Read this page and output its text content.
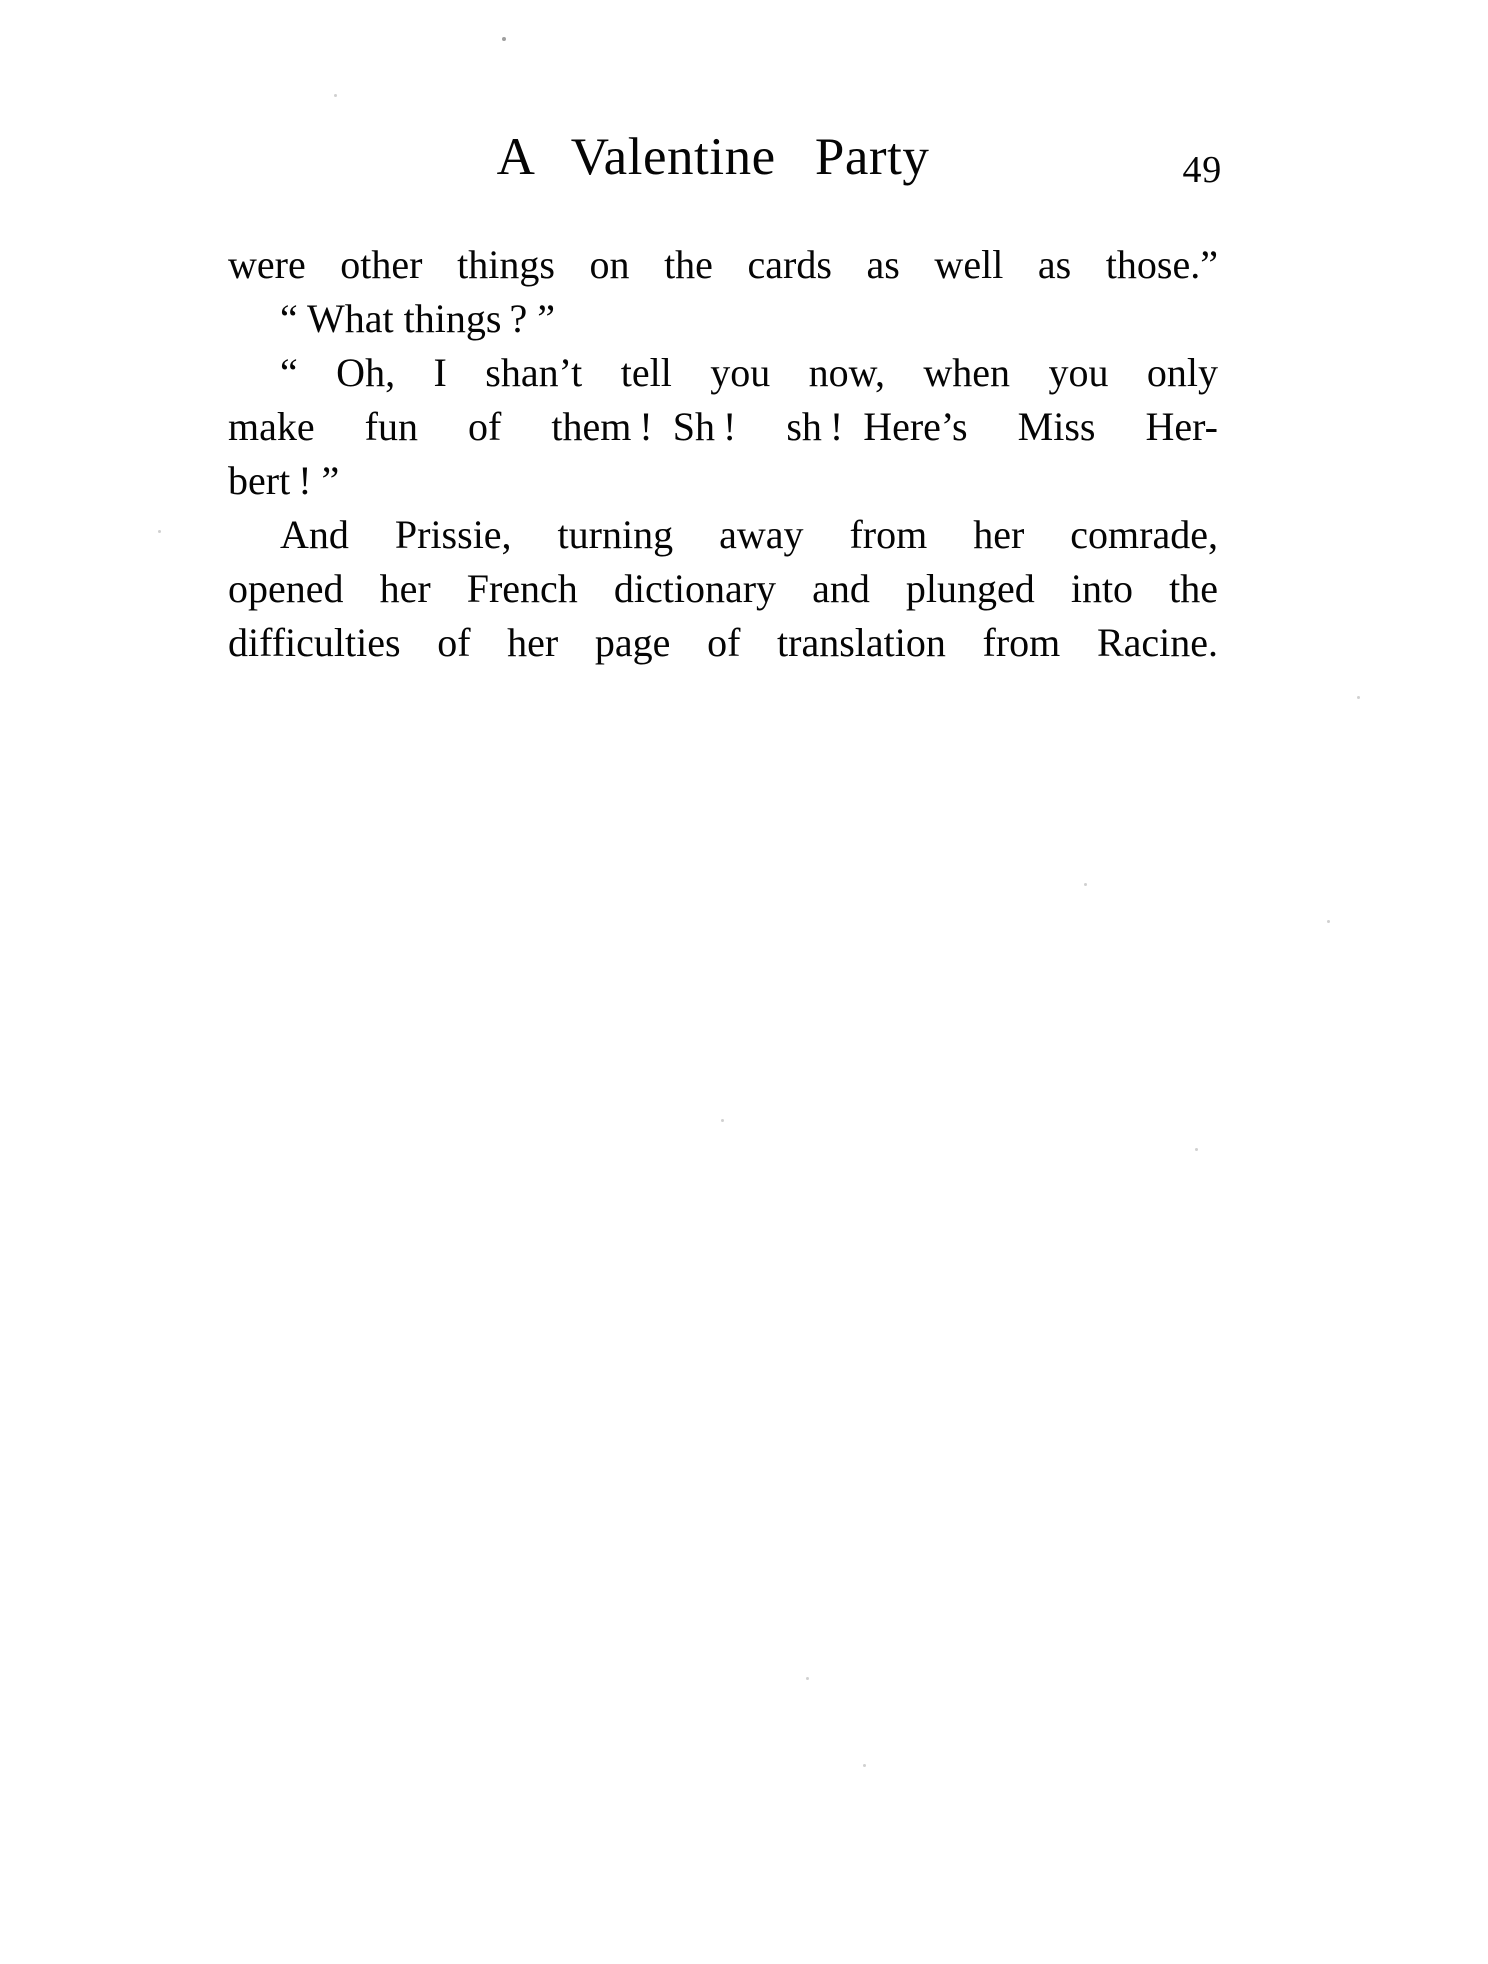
A Valentine Party	49

were other things on the cards as well as those.”

“ What things ? ”

“ Oh, I shan’t tell you now, when you only

make fun of them ! Sh ! sh ! Here’s Miss Her-

bert ! ”

And Prissie, turning away from her comrade,

opened her French dictionary and plunged into the

difficulties of her page of translation from Racine.
